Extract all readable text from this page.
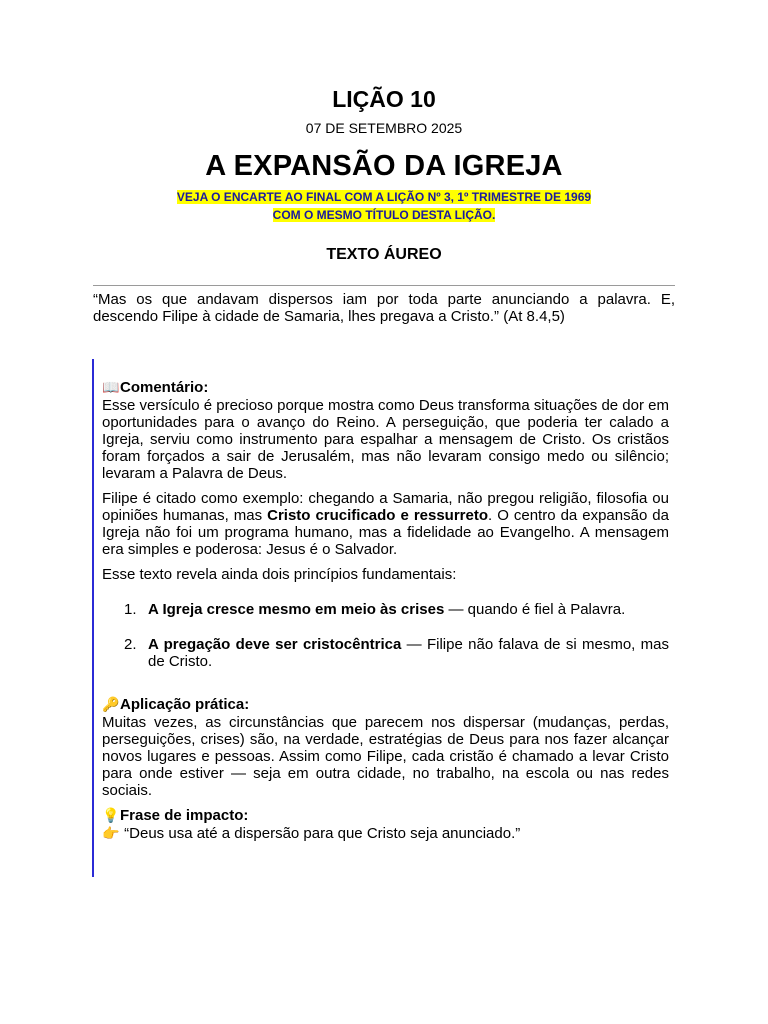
LIÇÃO 10
07 DE SETEMBRO 2025
A EXPANSÃO DA IGREJA
VEJA O ENCARTE AO FINAL COM A LIÇÃO Nº 3, 1º TRIMESTRE DE 1969
COM O MESMO TÍTULO DESTA LIÇÃO.
TEXTO ÁUREO
“Mas os que andavam dispersos iam por toda parte anunciando a palavra. E, descendo Filipe à cidade de Samaria, lhes pregava a Cristo.” (At 8.4,5)
📖Comentário:

Esse versículo é precioso porque mostra como Deus transforma situações de dor em oportunidades para o avanço do Reino. A perseguição, que poderia ter calado a Igreja, serviu como instrumento para espalhar a mensagem de Cristo. Os cristãos foram forçados a sair de Jerusalém, mas não levaram consigo medo ou silêncio; levaram a Palavra de Deus.

Filipe é citado como exemplo: chegando a Samaria, não pregou religião, filosofia ou opiniões humanas, mas Cristo crucificado e ressurreto. O centro da expansão da Igreja não foi um programa humano, mas a fidelidade ao Evangelho. A mensagem era simples e poderosa: Jesus é o Salvador.

Esse texto revela ainda dois princípios fundamentais:

1. A Igreja cresce mesmo em meio às crises — quando é fiel à Palavra.
2. A pregação deve ser cristocêntrica — Filipe não falava de si mesmo, mas de Cristo.
🔑Aplicação prática:

Muitas vezes, as circunstâncias que parecem nos dispersar (mudanças, perdas, perseguições, crises) são, na verdade, estratégias de Deus para nos fazer alcançar novos lugares e pessoas. Assim como Filipe, cada cristão é chamado a levar Cristo para onde estiver — seja em outra cidade, no trabalho, na escola ou nas redes sociais.

💡Frase de impacto:
👉 “Deus usa até a dispersão para que Cristo seja anunciado.”
